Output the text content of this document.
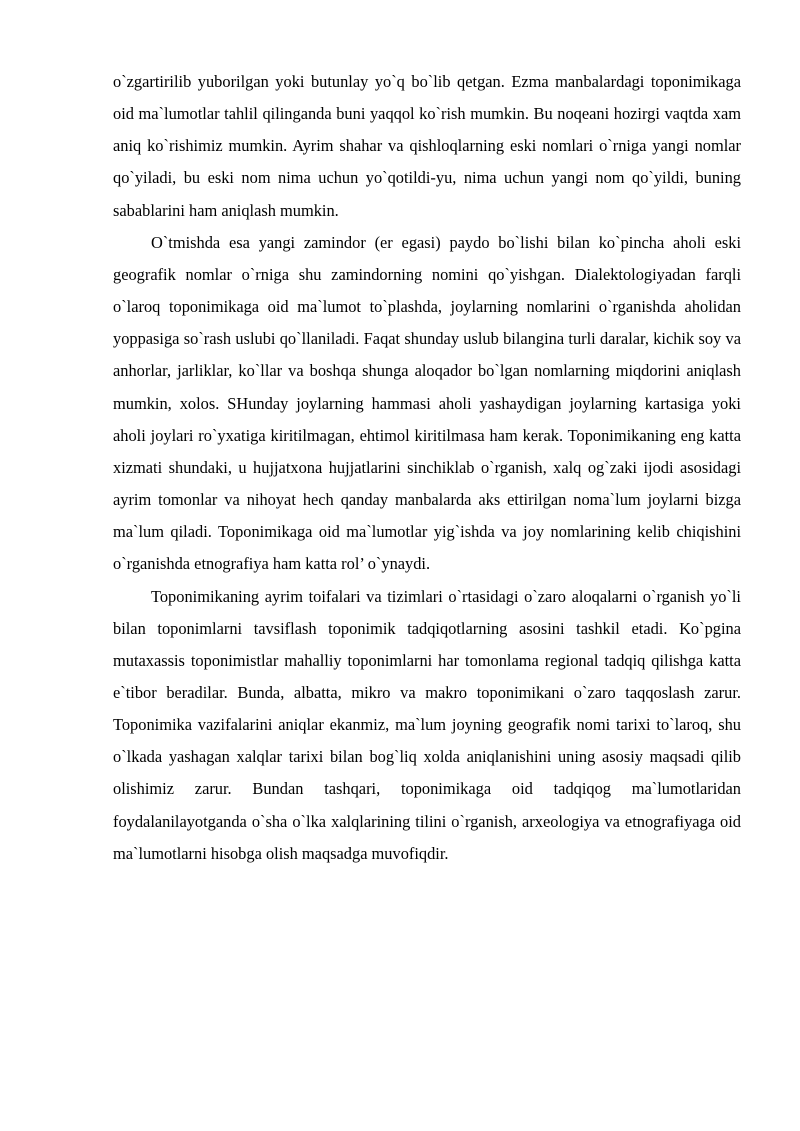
o`zgartirilib yuborilgan yoki butunlay yo`q bo`lib qetgan. Ezma manbalardagi toponimikaga oid ma`lumotlar tahlil qilinganda buni yaqqol ko`rish mumkin. Bu noqeani hozirgi vaqtda xam aniq ko`rishimiz mumkin. Ayrim shahar va qishloqlarning eski nomlari o`rniga yangi nomlar qo`yiladi, bu eski nom nima uchun yo`qotildi-yu, nima uchun yangi nom qo`yildi, buning sabablarini ham aniqlash mumkin.

O`tmishda esa yangi zamindor (er egasi) paydo bo`lishi bilan ko`pincha aholi eski geografik nomlar o`rniga shu zamindorning nomini qo`yishgan. Dialektologiyadan farqli o`laroq toponimikaga oid ma`lumot to`plashda, joylarning nomlarini o`rganishda aholidan yoppasiga so`rash uslubi qo`llaniladi. Faqat shunday uslub bilangina turli daralar, kichik soy va anhorlar, jarliklar, ko`llar va boshqa shunga aloqador bo`lgan nomlarning miqdorini aniqlash mumkin, xolos. SHunday joylarning hammasi aholi yashaydigan joylarning kartasiga yoki aholi joylari ro`yxatiga kiritilmagan, ehtimol kiritilmasa ham kerak. Toponimikaning eng katta xizmati shundaki, u hujjatxona hujjatlarini sinchiklab o`rganish, xalq og`zaki ijodi asosidagi ayrim tomonlar va nihoyat hech qanday manbalarda aks ettirilgan noma`lum joylarni bizga ma`lum qiladi. Toponimikaga oid ma`lumotlar yig`ishda va joy nomlarining kelib chiqishini o`rganishda etnografiya ham katta rol’ o`ynaydi.

Toponimikaning ayrim toifalari va tizimlari o`rtasidagi o`zaro aloqalarni o`rganish yo`li bilan toponimlarni tavsiflash toponimik tadqiqotlarning asosini tashkil etadi. Ko`pgina mutaxassis toponimistlar mahalliy toponimlarni har tomonlama regional tadqiq qilishga katta e`tibor beradilar. Bunda, albatta, mikro va makro toponimikani o`zaro taqqoslash zarur. Toponimika vazifalarini aniqlar ekanmiz, ma`lum joyning geografik nomi tarixi to`laroq, shu o`lkada yashagan xalqlar tarixi bilan bog`liq xolda aniqlanishini uning asosiy maqsadi qilib olishimiz zarur. Bundan tashqari, toponimikaga oid tadqiqog ma`lumotlaridan foydalanilayotganda o`sha o`lka xalqlarining tilini o`rganish, arxeologiya va etnografiyaga oid ma`lumotlarni hisobga olish maqsadga muvofiqdir.
